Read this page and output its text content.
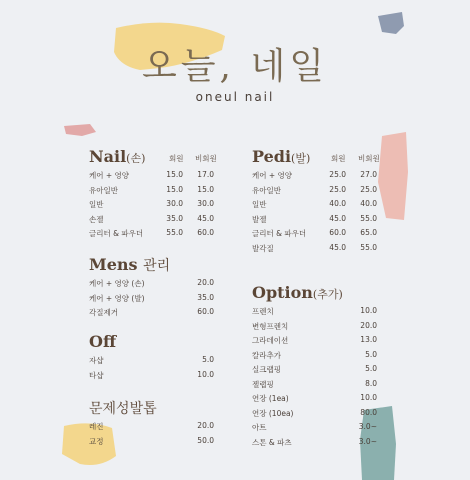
오늘, 네일
oneul nail
Nail(손)	회원 비회원
케어 + 영양	15.0	17.0
유아일반	15.0	15.0
일반	30.0	30.0
손젤	35.0	45.0
글리터 & 파우더	55.0	60.0
Pedi(발)	회원 비회원
케어 + 영양	25.0	27.0
유아일반	25.0	25.0
일반	40.0	40.0
발젤	45.0	55.0
글리터 & 파우더	60.0	65.0
발각질	45.0	55.0
Mens 관리
케어 + 영양 (손)	20.0
케어 + 영양 (발)	35.0
각질제거	60.0
Off
자샵	5.0
타샵	10.0
문제성발톱
레진	20.0
교정	50.0
Option(추가)
프렌치	10.0
변형프렌치	20.0
그라데이션	13.0
칼라추가	5.0
실크랩핑	5.0
젤랩핑	8.0
연장 (1ea)	10.0
연장 (10ea)	80.0
아트	3.0~
스톤 & 파츠	3.0~
